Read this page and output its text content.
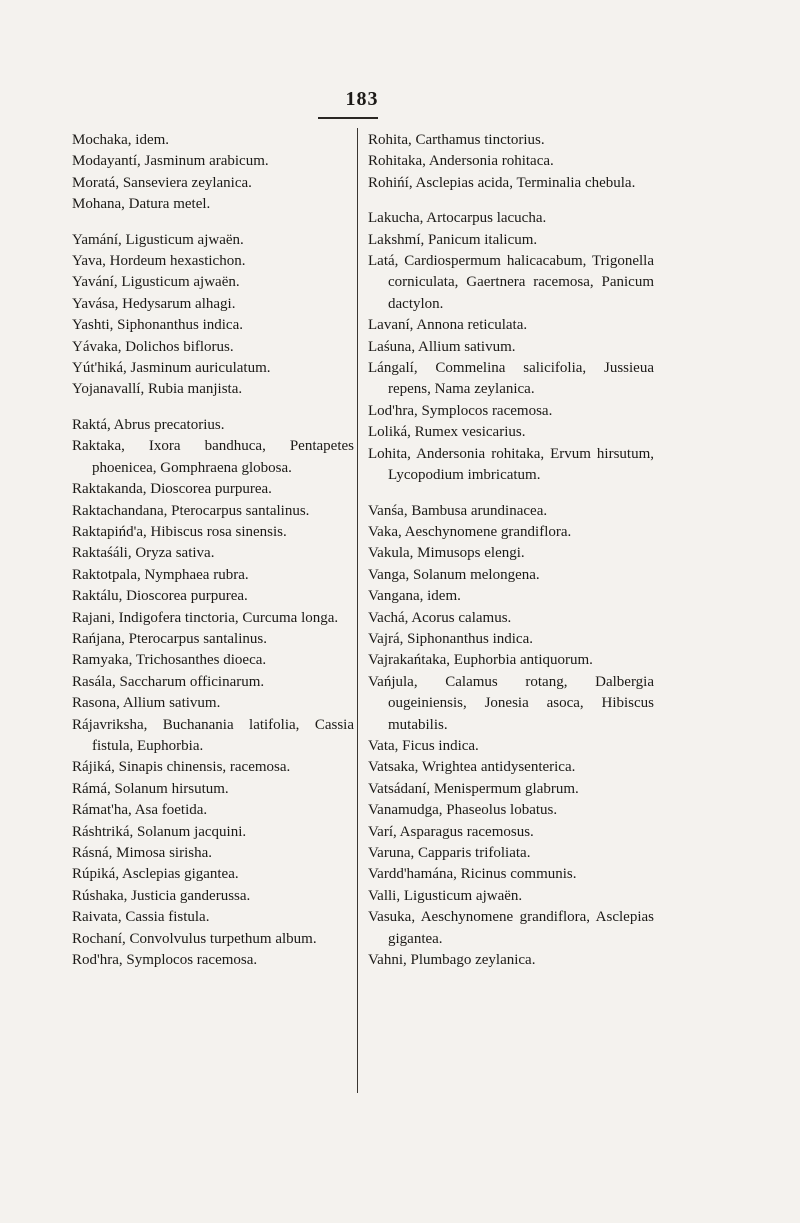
183

Mochaka, idem.

Modayantí, Jasminum arabicum.

Moratá, Sanseviera zeylanica.

Mohana, Datura metel.

Yamání, Ligusticum ajwaën.

Yava, Hordeum hexastichon.

Yavání, Ligusticum ajwaën.

Yavása, Hedysarum alhagi.

Yashti, Siphonanthus indica.

Yávaka, Dolichos biflorus.

Yút'hiká, Jasminum auriculatum.

Yojanavallí, Rubia manjista.

Raktá, Abrus precatorius.

Raktaka, Ixora bandhuca, Pentapetes phoenicea, Gomphraena globosa.

Raktakanda, Dioscorea purpurea.

Raktachandana, Pterocarpus santalinus.

Raktapińd'a, Hibiscus rosa sinensis.

Raktaśáli, Oryza sativa.

Raktotpala, Nymphaea rubra.

Raktálu, Dioscorea purpurea.

Rajani, Indigofera tinctoria, Curcuma longa.

Rańjana, Pterocarpus santalinus.

Ramyaka, Trichosanthes dioeca.

Rasála, Saccharum officinarum.

Rasona, Allium sativum.

Rájavriksha, Buchanania latifolia, Cassia fistula, Euphorbia.

Rájiká, Sinapis chinensis, racemosa.

Rámá, Solanum hirsutum.

Rámat'ha, Asa foetida.

Ráshtriká, Solanum jacquini.

Rásná, Mimosa sirisha.

Rúpiká, Asclepias gigantea.

Rúshaka, Justicia ganderussa.

Raivata, Cassia fistula.

Rochaní, Convolvulus turpethum album.

Rod'hra, Symplocos racemosa.

Rohita, Carthamus tinctorius.

Rohitaka, Andersonia rohitaca.

Rohińí, Asclepias acida, Terminalia chebula.

Lakucha, Artocarpus lacucha.

Lakshmí, Panicum italicum.

Latá, Cardiospermum halicacabum, Trigonella corniculata, Gaertnera racemosa, Panicum dactylon.

Lavaní, Annona reticulata.

Laśuna, Allium sativum.

Lángalí, Commelina salicifolia, Jussieua repens, Nama zeylanica.

Lod'hra, Symplocos racemosa.

Loliká, Rumex vesicarius.

Lohita, Andersonia rohitaka, Ervum hirsutum, Lycopodium imbricatum.

Vanśa, Bambusa arundinacea.

Vaka, Aeschynomene grandiflora.

Vakula, Mimusops elengi.

Vanga, Solanum melongena.

Vangana, idem.

Vachá, Acorus calamus.

Vajrá, Siphonanthus indica.

Vajrakańtaka, Euphorbia antiquorum.

Vańjula, Calamus rotang, Dalbergia ougeiniensis, Jonesia asoca, Hibiscus mutabilis.

Vata, Ficus indica.

Vatsaka, Wrightea antidysenterica.

Vatsádaní, Menispermum glabrum.

Vanamudga, Phaseolus lobatus.

Varí, Asparagus racemosus.

Varuna, Capparis trifoliata.

Vardd'hamána, Ricinus communis.

Valli, Ligusticum ajwaën.

Vasuka, Aeschynomene grandiflora, Asclepias gigantea.

Vahni, Plumbago zeylanica.
